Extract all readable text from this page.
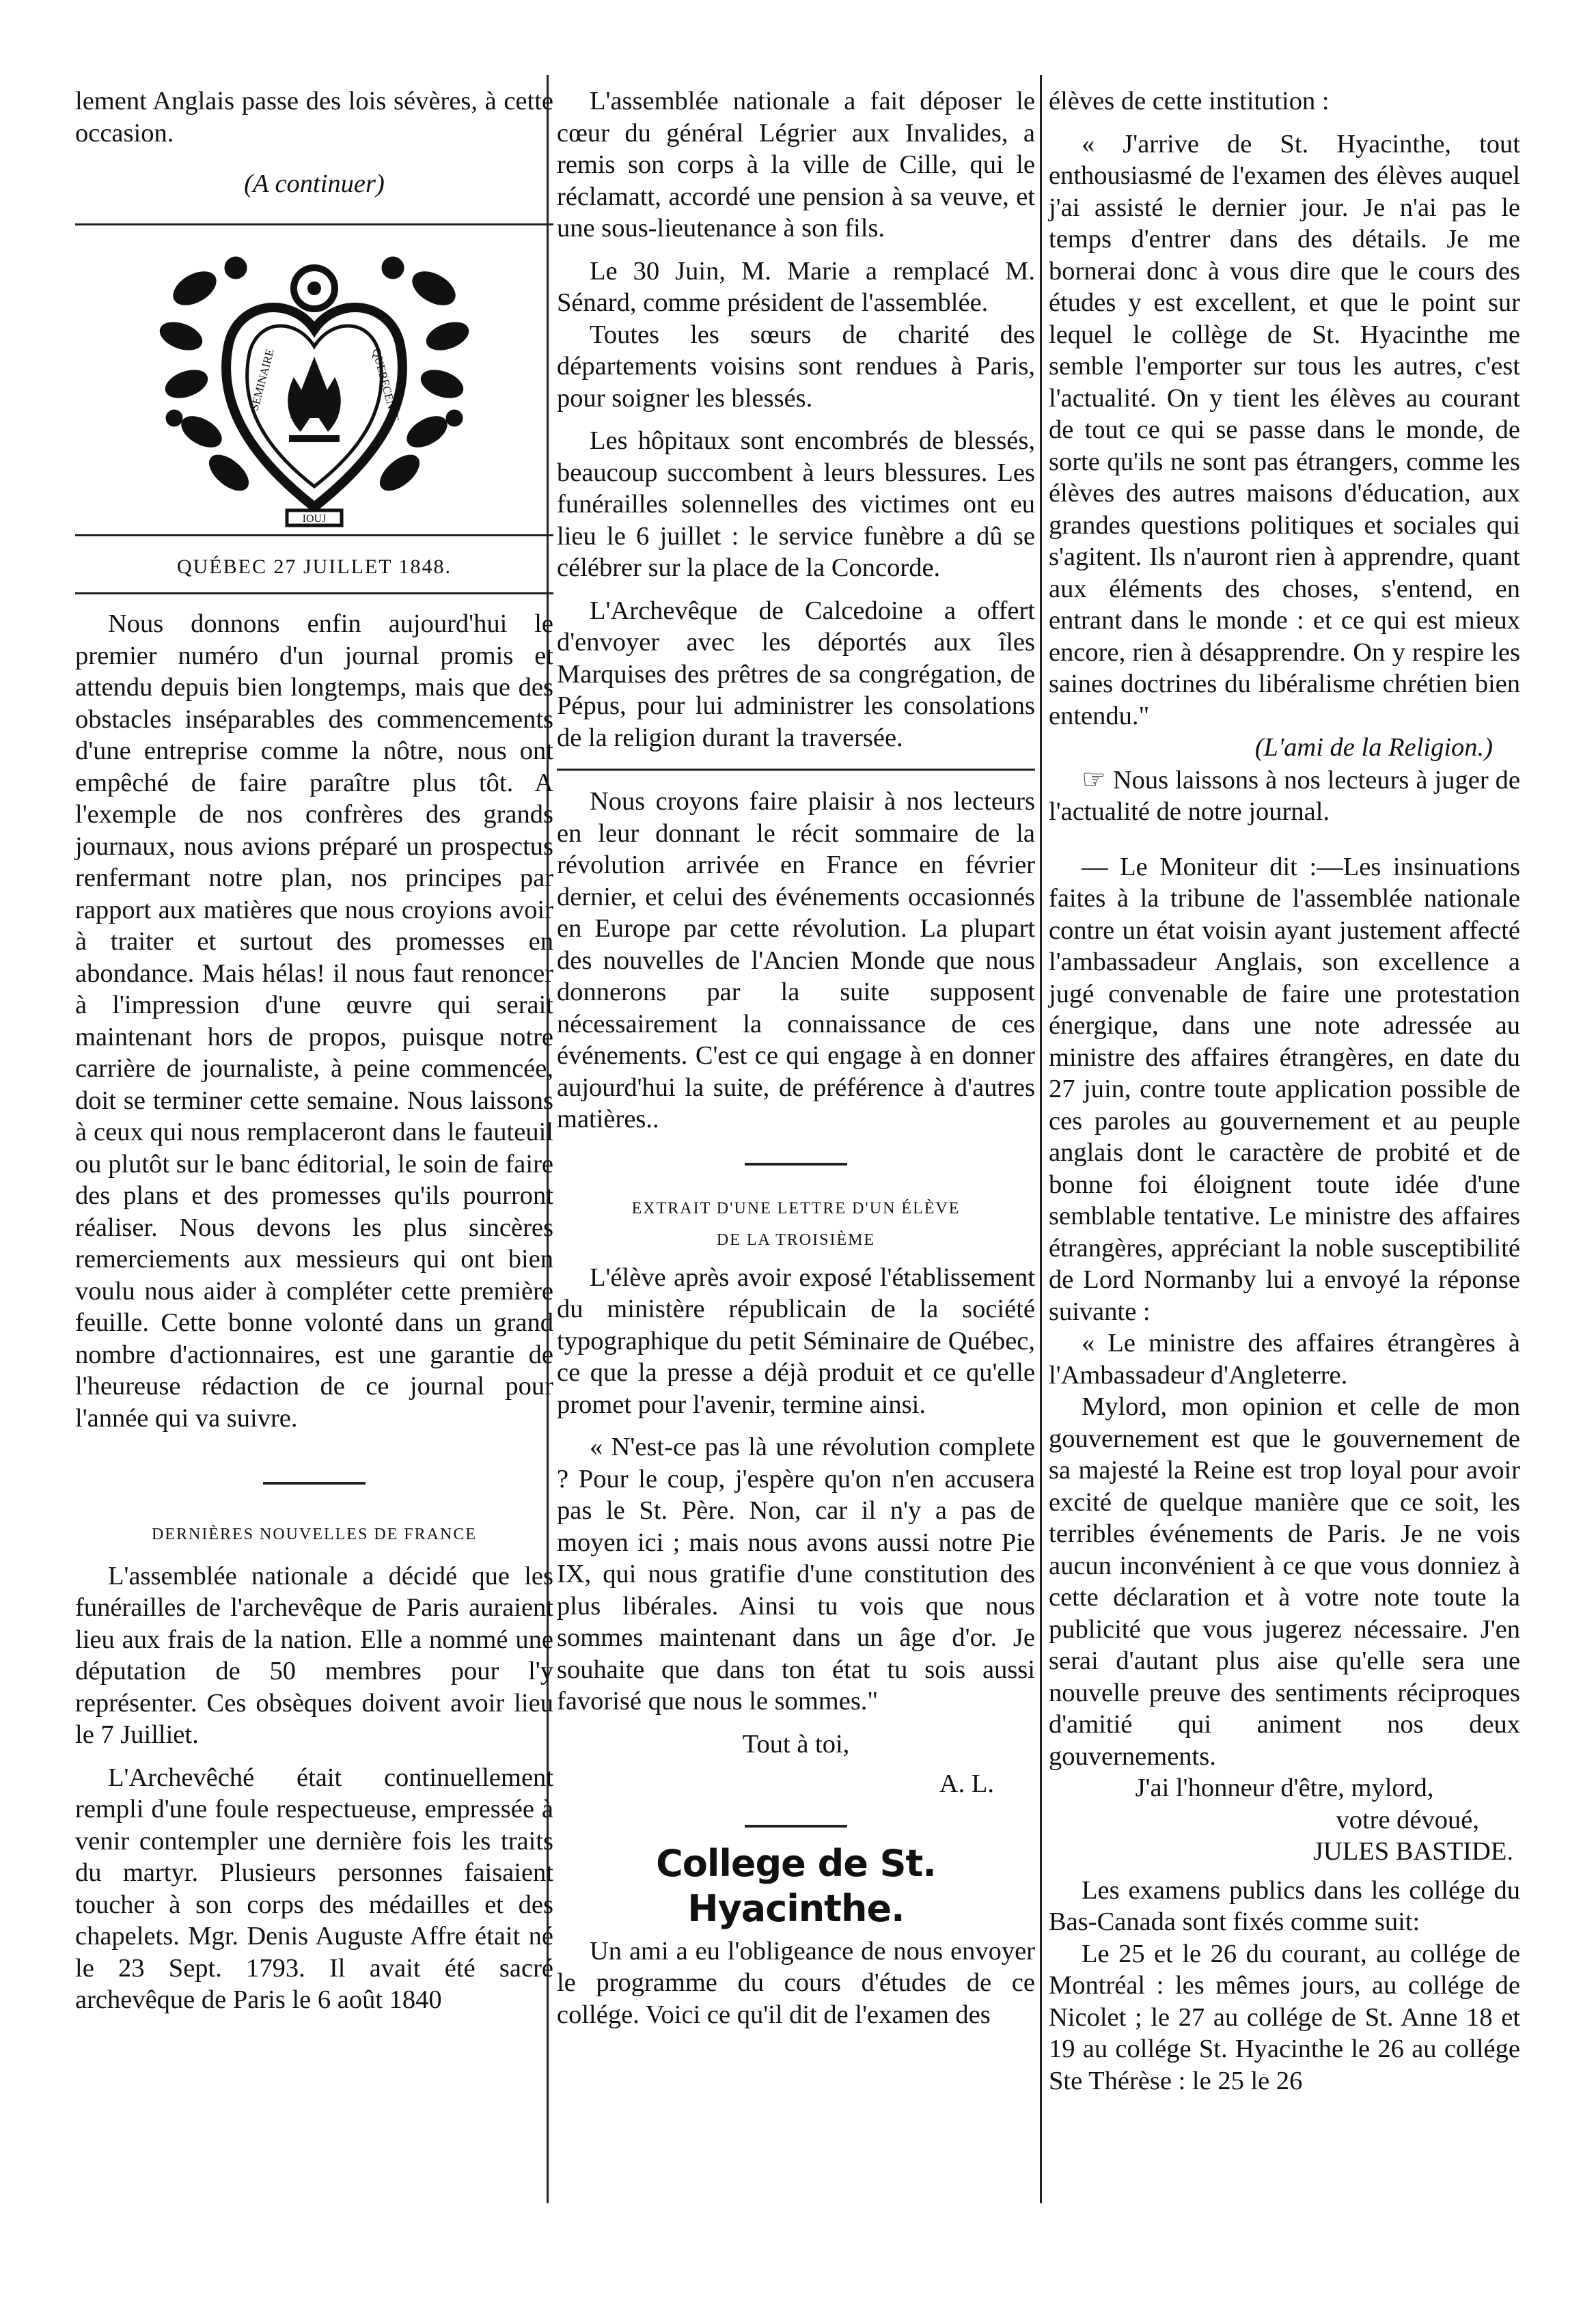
lement Anglais passe des lois sévères, à cette occasion.

(A continuer)

IOUJ
SEMINAIRE	QUEBECENSE

QUÉBEC 27 JUILLET 1848.

Nous donnons enfin aujourd'hui le premier numéro d'un journal promis et attendu depuis bien longtemps, mais que des obstacles inséparables des commencements d'une entreprise comme la nôtre, nous ont empêché de faire paraître plus tôt. A l'exemple de nos confrères des grands journaux, nous avions préparé un prospectus renfermant notre plan, nos principes par rapport aux matières que nous croyions avoir à traiter et surtout des promesses en abondance. Mais hélas! il nous faut renoncer à l'impression d'une œuvre qui serait maintenant hors de propos, puisque notre carrière de journaliste, à peine commencée, doit se terminer cette semaine. Nous laissons à ceux qui nous remplaceront dans le fauteuil ou plutôt sur le banc éditorial, le soin de faire des plans et des promesses qu'ils pourront réaliser. Nous devons les plus sincères remerciements aux messieurs qui ont bien voulu nous aider à compléter cette première feuille. Cette bonne volonté dans un grand nombre d'actionnaires, est une garantie de l'heureuse rédaction de ce journal pour l'année qui va suivre.

DERNIÈRES NOUVELLES DE FRANCE

L'assemblée nationale a décidé que les funérailles de l'archevêque de Paris auraient lieu aux frais de la nation. Elle a nommé une députation de 50 membres pour l'y représenter. Ces obsèques doivent avoir lieu le 7 Juilliet.

L'Archevêché était continuellement rempli d'une foule respectueuse, empressée à venir contempler une dernière fois les traits du martyr. Plusieurs personnes faisaient toucher à son corps des médailles et des chapelets. Mgr. Denis Auguste Affre était né le 23 Sept. 1793. Il avait été sacré archevêque de Paris le 6 août 1840

L'assemblée nationale a fait déposer le cœur du général Légrier aux Invalides, a remis son corps à la ville de Cille, qui le réclamatt, accordé une pension à sa veuve, et une sous-lieutenance à son fils.

Le 30 Juin, M. Marie a remplacé M. Sénard, comme président de l'assemblée.

Toutes les sœurs de charité des départements voisins sont rendues à Paris, pour soigner les blessés.

Les hôpitaux sont encombrés de blessés, beaucoup succombent à leurs blessures. Les funérailles solennelles des victimes ont eu lieu le 6 juillet : le service funèbre a dû se célébrer sur la place de la Concorde.

L'Archevêque de Calcedoine a offert d'envoyer avec les déportés aux îles Marquises des prêtres de sa congrégation, de Pépus, pour lui administrer les consolations de la religion durant la traversée.

Nous croyons faire plaisir à nos lecteurs en leur donnant le récit sommaire de la révolution arrivée en France en février dernier, et celui des événements occasionnés en Europe par cette révolution. La plupart des nouvelles de l'Ancien Monde que nous donnerons par la suite supposent nécessairement la connaissance de ces événements. C'est ce qui engage à en donner aujourd'hui la suite, de préférence à d'autres matières..

EXTRAIT D'UNE LETTRE D'UN ÉLÈVE

DE LA TROISIÈME

L'élève après avoir exposé l'établissement du ministère républicain de la société typographique du petit Séminaire de Québec, ce que la presse a déjà produit et ce qu'elle promet pour l'avenir, termine ainsi.

« N'est-ce pas là une révolution complete ? Pour le coup, j'espère qu'on n'en accusera pas le St. Père. Non, car il n'y a pas de moyen ici ; mais nous avons aussi notre Pie IX, qui nous gratifie d'une constitution des plus libérales. Ainsi tu vois que nous sommes maintenant dans un âge d'or. Je souhaite que dans ton état tu sois aussi favorisé que nous le sommes."

Tout à toi,

A. L.

College de St. Hyacinthe.

Un ami a eu l'obligeance de nous envoyer le programme du cours d'études de ce collége. Voici ce qu'il dit de l'examen des

élèves de cette institution :

« J'arrive de St. Hyacinthe, tout enthousiasmé de l'examen des élèves auquel j'ai assisté le dernier jour. Je n'ai pas le temps d'entrer dans des détails. Je me bornerai donc à vous dire que le cours des études y est excellent, et que le point sur lequel le collège de St. Hyacinthe me semble l'emporter sur tous les autres, c'est l'actualité. On y tient les élèves au courant de tout ce qui se passe dans le monde, de sorte qu'ils ne sont pas étrangers, comme les élèves des autres maisons d'éducation, aux grandes questions politiques et sociales qui s'agitent. Ils n'auront rien à apprendre, quant aux éléments des choses, s'entend, en entrant dans le monde : et ce qui est mieux encore, rien à désapprendre. On y respire les saines doctrines du libéralisme chrétien bien entendu."

(L'ami de la Religion.)

☞ Nous laissons à nos lecteurs à juger de l'actualité de notre journal.

— Le Moniteur dit :—Les insinuations faites à la tribune de l'assemblée nationale contre un état voisin ayant justement affecté l'ambassadeur Anglais, son excellence a jugé convenable de faire une protestation énergique, dans une note adressée au ministre des affaires étrangères, en date du 27 juin, contre toute application possible de ces paroles au gouvernement et au peuple anglais dont le caractère de probité et de bonne foi éloignent toute idée d'une semblable tentative. Le ministre des affaires étrangères, appréciant la noble susceptibilité de Lord Normanby lui a envoyé la réponse suivante :

« Le ministre des affaires étrangères à l'Ambassadeur d'Angleterre.

Mylord, mon opinion et celle de mon gouvernement est que le gouvernement de sa majesté la Reine est trop loyal pour avoir excité de quelque manière que ce soit, les terribles événements de Paris. Je ne vois aucun inconvénient à ce que vous donniez à cette déclaration et à votre note toute la publicité que vous jugerez nécessaire. J'en serai d'autant plus aise qu'elle sera une nouvelle preuve des sentiments réciproques d'amitié qui animent nos deux gouvernements.

J'ai l'honneur d'être, mylord,

votre dévoué,

JULES BASTIDE.

Les examens publics dans les collége du Bas-Canada sont fixés comme suit:

Le 25 et le 26 du courant, au collége de Montréal : les mêmes jours, au collége de Nicolet ; le 27 au collége de St. Anne 18 et 19 au collége St. Hyacinthe le 26 au collége Ste Thérèse : le 25 le 26
